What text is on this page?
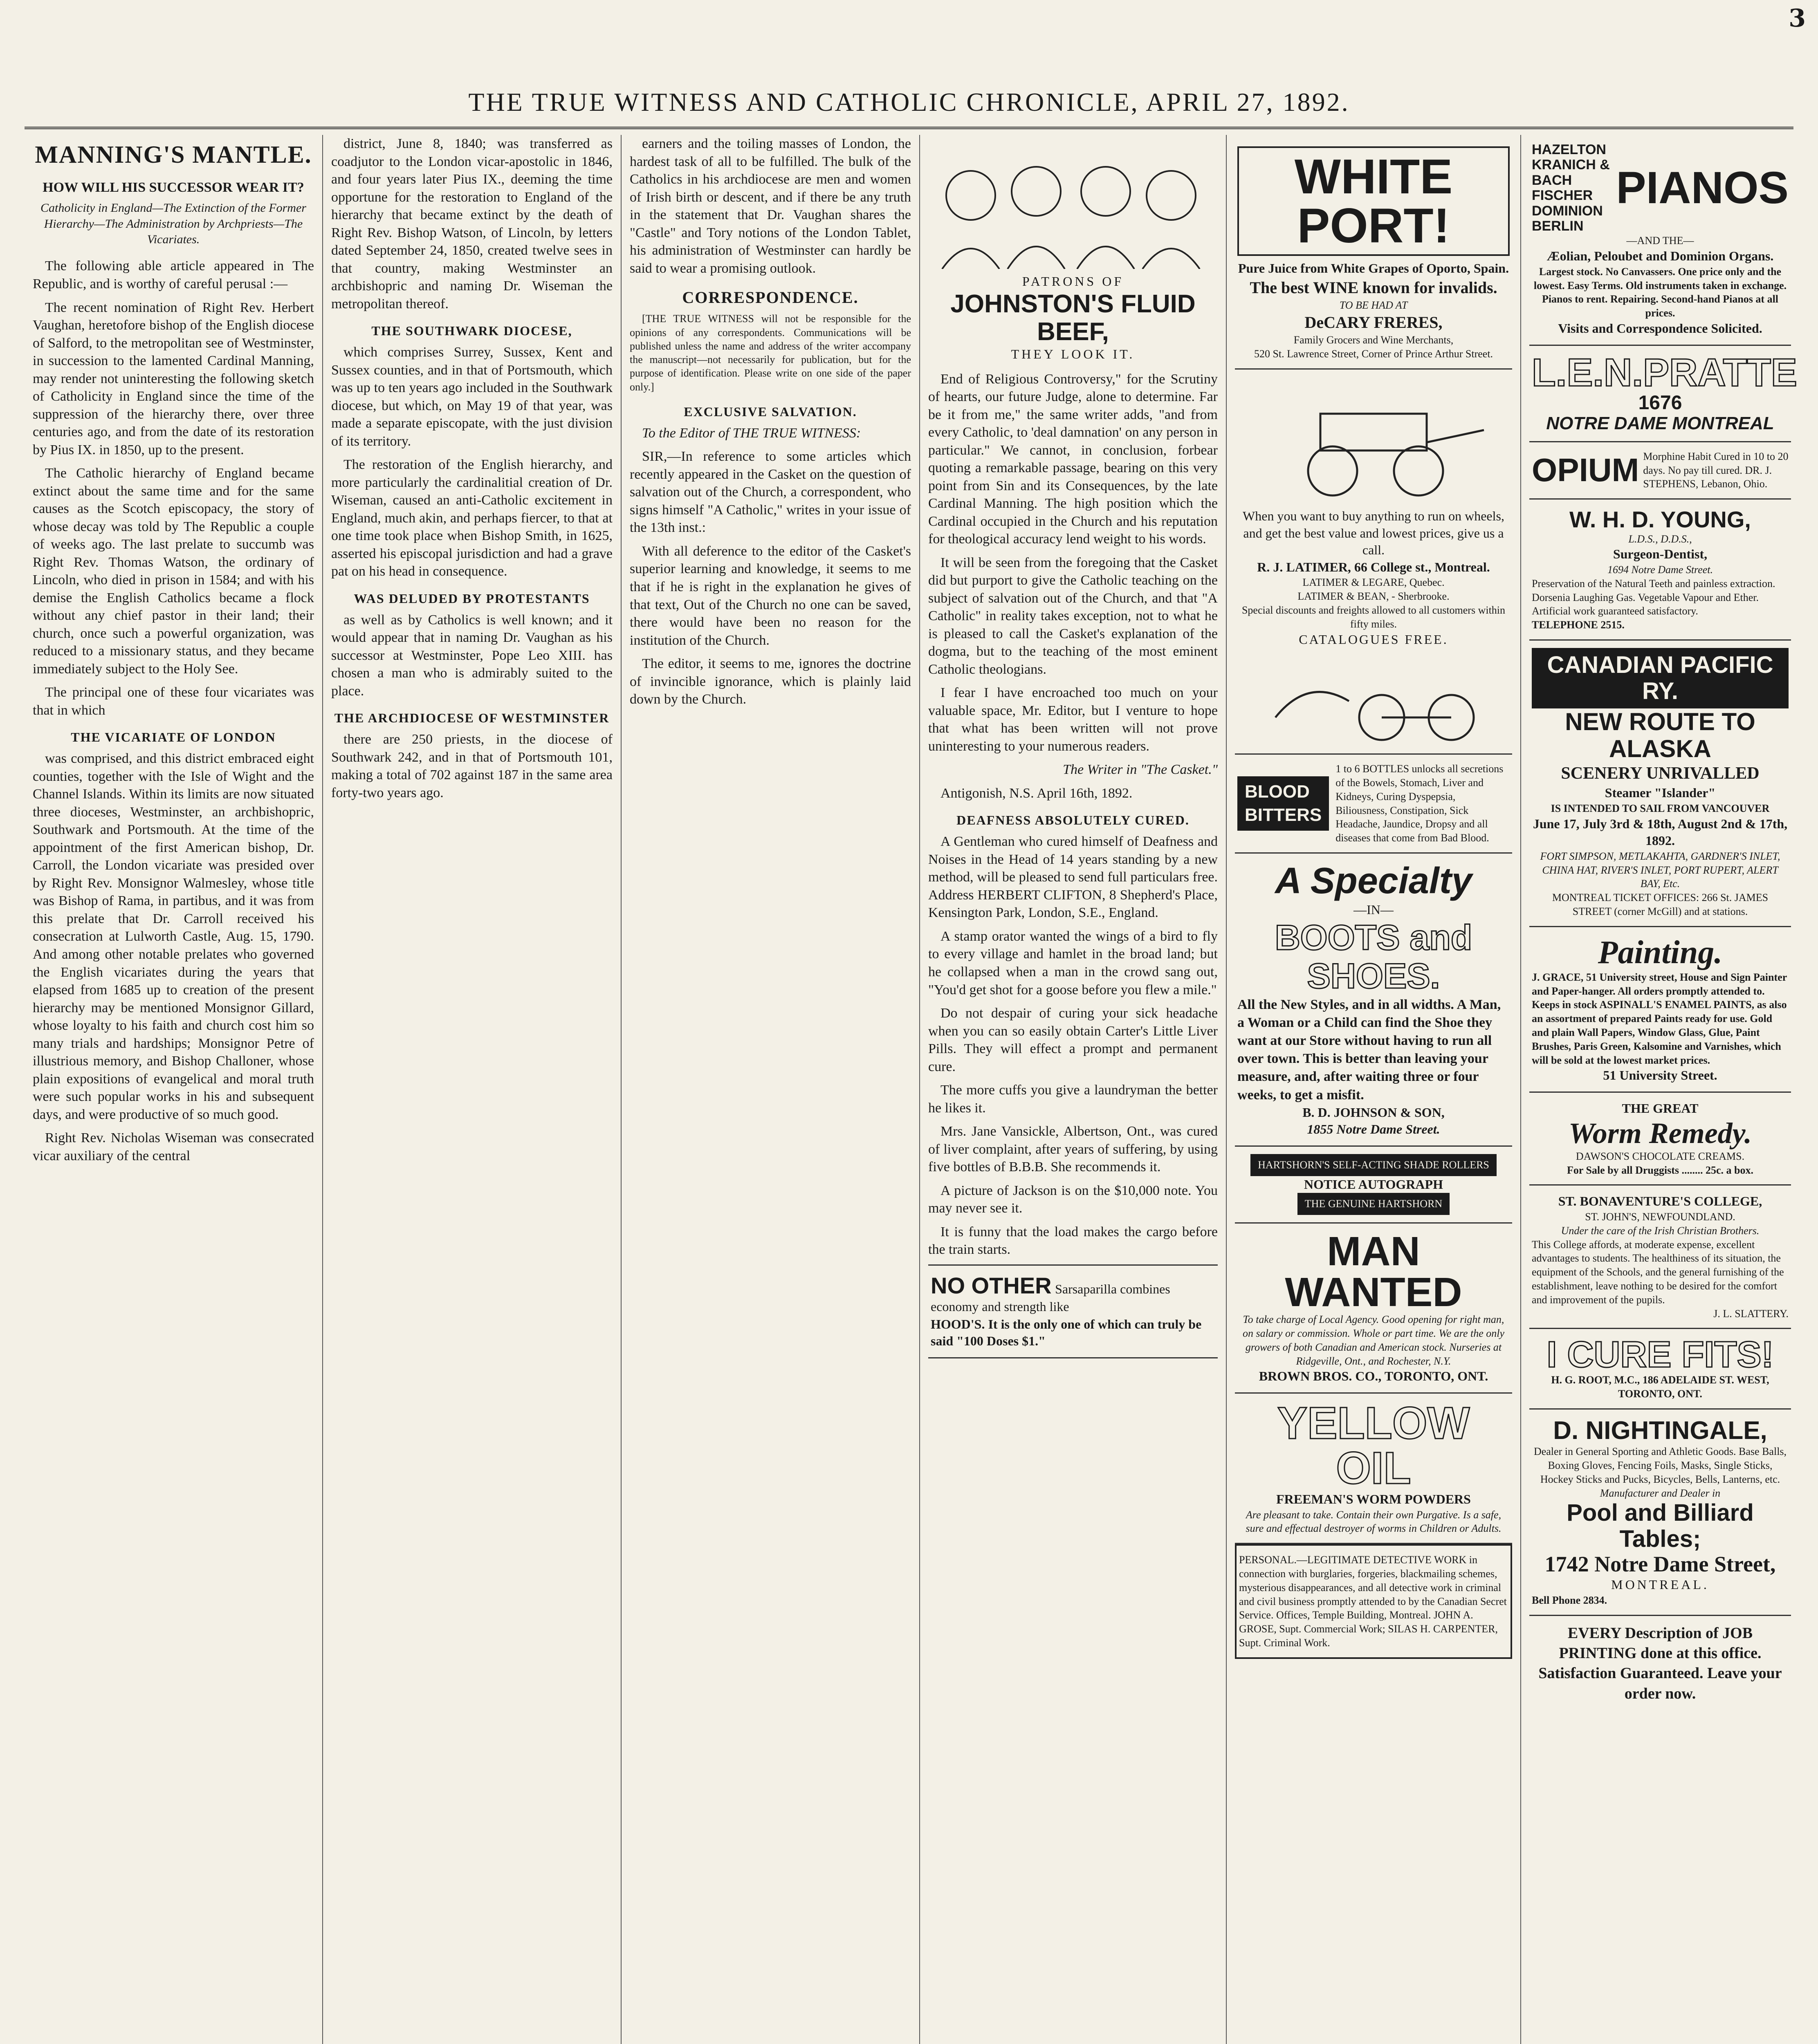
3
THE TRUE WITNESS AND CATHOLIC CHRONICLE, APRIL 27, 1892.
MANNING'S MANTLE.
HOW WILL HIS SUCCESSOR WEAR IT?
Catholicity in England—The Extinction of the Former Hierarchy—The Administration by Archpriests—The Vicariates.

The following able article appeared in The Republic, and is worthy of careful perusal :—

The recent nomination of Right Rev. Herbert Vaughan, heretofore bishop of the English diocese of Salford, to the metropolitan see of Westminster, in succession to the lamented Cardinal Manning, may render not uninteresting the following sketch of Catholicity in England since the time of the suppression of the hierarchy there, over three centuries ago, and from the date of its restoration by Pius IX. in 1850, up to the present.

The Catholic hierarchy of England became extinct about the same time and for the same causes as the Scotch episcopacy, the story of whose decay was told by The Republic a couple of weeks ago. The last prelate to succumb was Right Rev. Thomas Watson, the ordinary of Lincoln, who died in prison in 1584; and with his demise the English Catholics became a flock without any chief pastor in their land; their church, once such a powerful organization, was reduced to a missionary status, and they became immediately subject to the Holy See.

The principal one of these four vicariates was that in which

THE VICARIATE OF LONDON

was comprised, and this district embraced eight counties, together with the Isle of Wight and the Channel Islands. Within its limits are now situated three dioceses, Westminster, an archbishopric, Southwark and Portsmouth. At the time of the appointment of the first American bishop, Dr. Carroll, the London vicariate was presided over by Right Rev. Monsignor Walmesley, whose title was Bishop of Rama, in partibus, and it was from this prelate that Dr. Carroll received his consecration at Lulworth Castle, Aug. 15, 1790. And among other notable prelates who governed the English vicariates during the years that elapsed from 1685 up to creation of the present hierarchy may be mentioned Monsignor Gillard, whose loyalty to his faith and church cost him so many trials and hardships; Monsignor Petre of illustrious memory, and Bishop Challoner, whose plain expositions of evangelical and moral truth were such popular works in his and subsequent days, and were productive of so much good.

Right Rev. Nicholas Wiseman was consecrated vicar auxiliary of the central

district, June 8, 1840; was transferred as coadjutor to the London vicar-apostolic in 1846, and four years later Pius IX., deeming the time opportune for the restoration to England of the hierarchy that became extinct by the death of Right Rev. Bishop Watson, of Lincoln, by letters dated September 24, 1850, created twelve sees in that country, making Westminster an archbishopric and naming Dr. Wiseman the metropolitan thereof.

THE SOUTHWARK DIOCESE,

which comprises Surrey, Sussex, Kent and Sussex counties, and in that of Portsmouth, which was up to ten years ago included in the Southwark diocese, but which, on May 19 of that year, was made a separate episcopate, with the just division of its territory.

The restoration of the English hierarchy, and more particularly the cardinalitial creation of Dr. Wiseman, caused an anti-Catholic excitement in England, much akin, and perhaps fiercer, to that at one time took place when Bishop Smith, in 1625, asserted his episcopal jurisdiction and had a grave pat on his head in consequence.

WAS DELUDED BY PROTESTANTS

as well as by Catholics is well known; and it would appear that in naming Dr. Vaughan as his successor at Westminster, Pope Leo XIII. has chosen a man who is admirably suited to the place.

THE ARCHDIOCESE OF WESTMINSTER

there are 250 priests, in the diocese of Southwark 242, and in that of Portsmouth 101, making a total of 702 against 187 in the same area forty-two years ago.

earners and the toiling masses of London, the hardest task of all to be fulfilled. The bulk of the Catholics in his archdiocese are men and women of Irish birth or descent, and if there be any truth in the statement that Dr. Vaughan shares the "Castle" and Tory notions of the London Tablet, his administration of Westminster can hardly be said to wear a promising outlook.

CORRESPONDENCE.

[THE TRUE WITNESS will not be responsible for the opinions of any correspondents. Communications will be published unless the name and address of the writer accompany the manuscript—not necessarily for publication, but for the purpose of identification. Please write on one side of the paper only.]

EXCLUSIVE SALVATION.

To the Editor of THE TRUE WITNESS:

SIR,—In reference to some articles which recently appeared in the Casket on the question of salvation out of the Church, a correspondent, who signs himself "A Catholic," writes in your issue of the 13th inst.:

With all deference to the editor of the Casket's superior learning and knowledge, it seems to me that if he is right in the explanation he gives of that text, Out of the Church no one can be saved, there would have been no reason for the institution of the Church.

The editor, it seems to me, ignores the doctrine of invincible ignorance, which is plainly laid down by the Church.

PATRONS OF
JOHNSTON'S FLUID BEEF,
THEY LOOK IT.

End of Religious Controversy," for the Scrutiny of hearts, our future Judge, alone to determine. Far be it from me," the same writer adds, "and from every Catholic, to 'deal damnation' on any person in particular." We cannot, in conclusion, forbear quoting a remarkable passage, bearing on this very point from Sin and its Consequences, by the late Cardinal Manning. The high position which the Cardinal occupied in the Church and his reputation for theological accuracy lend weight to his words.

It will be seen from the foregoing that the Casket did but purport to give the Catholic teaching on the subject of salvation out of the Church, and that "A Catholic" in reality takes exception, not to what he is pleased to call the Casket's explanation of the dogma, but to the teaching of the most eminent Catholic theologians.

I fear I have encroached too much on your valuable space, Mr. Editor, but I venture to hope that what has been written will not prove uninteresting to your numerous readers.

The Writer in "The Casket."

Antigonish, N.S. April 16th, 1892.

DEAFNESS ABSOLUTELY CURED.

A Gentleman who cured himself of Deafness and Noises in the Head of 14 years standing by a new method, will be pleased to send full particulars free. Address HERBERT CLIFTON, 8 Shepherd's Place, Kensington Park, London, S.E., England.

A stamp orator wanted the wings of a bird to fly to every village and hamlet in the broad land; but he collapsed when a man in the crowd sang out, "You'd get shot for a goose before you flew a mile."

Do not despair of curing your sick headache when you can so easily obtain Carter's Little Liver Pills. They will effect a prompt and permanent cure.

The more cuffs you give a laundryman the better he likes it.

Mrs. Jane Vansickle, Albertson, Ont., was cured of liver complaint, after years of suffering, by using five bottles of B.B.B. She recommends it.

A picture of Jackson is on the $10,000 note. You may never see it.

It is funny that the load makes the cargo before the train starts.

NO OTHER Sarsaparilla combines economy and strength like
HOOD'S. It is the only one of which can truly be said "100 Doses $1."
WHITE PORT!
Pure Juice from White Grapes of Oporto, Spain.
The best WINE known for invalids.
TO BE HAD AT
DeCARY FRERES,
Family Grocers and Wine Merchants,
520 St. Lawrence Street, Corner of Prince Arthur Street.
When you want to buy anything to run on wheels, and get the best value and lowest prices, give us a call.
R. J. LATIMER, 66 College st., Montreal.
LATIMER & LEGARE, Quebec.
LATIMER & BEAN, - Sherbrooke.
Special discounts and freights allowed to all customers within fifty miles.
CATALOGUES FREE.
BLOOD BITTERS
1 to 6 BOTTLES unlocks all secretions of the Bowels, Stomach, Liver and Kidneys, Curing Dyspepsia, Biliousness, Constipation, Sick Headache, Jaundice, Dropsy and all diseases that come from Bad Blood.
A Specialty
—IN—
BOOTS and SHOES.
All the New Styles, and in all widths. A Man, a Woman or a Child can find the Shoe they want at our Store without having to run all over town. This is better than leaving your measure, and, after waiting three or four weeks, to get a misfit.
B. D. JOHNSON & SON,
1855 Notre Dame Street.
HARTSHORN'S SELF-ACTING SHADE ROLLERS
NOTICE AUTOGRAPH
THE GENUINE HARTSHORN
MAN WANTED
To take charge of Local Agency. Good opening for right man, on salary or commission. Whole or part time. We are the only growers of both Canadian and American stock. Nurseries at Ridgeville, Ont., and Rochester, N.Y.
BROWN BROS. CO., TORONTO, ONT.
YELLOW OIL
FREEMAN'S WORM POWDERS
Are pleasant to take. Contain their own Purgative. Is a safe, sure and effectual destroyer of worms in Children or Adults.
PERSONAL.—LEGITIMATE DETECTIVE WORK in connection with burglaries, forgeries, blackmailing schemes, mysterious disappearances, and all detective work in criminal and civil business promptly attended to by the Canadian Secret Service. Offices, Temple Building, Montreal. JOHN A. GROSE, Supt. Commercial Work; SILAS H. CARPENTER, Supt. Criminal Work.
HAZELTON
KRANICH & BACH
FISCHER
DOMINION
BERLIN
PIANOS
—AND THE—
Æolian, Peloubet and Dominion Organs.
Largest stock. No Canvassers. One price only and the lowest. Easy Terms. Old instruments taken in exchange. Pianos to rent. Repairing. Second-hand Pianos at all prices.
Visits and Correspondence Solicited.
L.E.N.PRATTE
1676
NOTRE DAME MONTREAL
OPIUM Morphine Habit Cured in 10 to 20 days. No pay till cured. DR. J. STEPHENS, Lebanon, Ohio.
W. H. D. YOUNG,
L.D.S., D.D.S.,
Surgeon-Dentist,
1694 Notre Dame Street.
Preservation of the Natural Teeth and painless extraction. Dorsenia Laughing Gas. Vegetable Vapour and Ether. Artificial work guaranteed satisfactory.
TELEPHONE 2515.
CANADIAN PACIFIC RY.
NEW ROUTE TO ALASKA
SCENERY UNRIVALLED
Steamer "Islander"
IS INTENDED TO SAIL FROM VANCOUVER
June 17, July 3rd & 18th, August 2nd & 17th, 1892.
FORT SIMPSON, METLAKAHTA, GARDNER'S INLET, CHINA HAT, RIVER'S INLET, PORT RUPERT, ALERT BAY, Etc.
MONTREAL TICKET OFFICES: 266 St. JAMES STREET (corner McGill) and at stations.
Painting.
J. GRACE, 51 University street, House and Sign Painter and Paper-hanger. All orders promptly attended to. Keeps in stock ASPINALL'S ENAMEL PAINTS, as also an assortment of prepared Paints ready for use. Gold and plain Wall Papers, Window Glass, Glue, Paint Brushes, Paris Green, Kalsomine and Varnishes, which will be sold at the lowest market prices.
51 University Street.
THE GREAT
Worm Remedy.
DAWSON'S CHOCOLATE CREAMS.
For Sale by all Druggists ........ 25c. a box.
ST. BONAVENTURE'S COLLEGE,
ST. JOHN'S, NEWFOUNDLAND.
Under the care of the Irish Christian Brothers.
This College affords, at moderate expense, excellent advantages to students. The healthiness of its situation, the equipment of the Schools, and the general furnishing of the establishment, leave nothing to be desired for the comfort and improvement of the pupils.
J. L. SLATTERY.
I CURE FITS!
H. G. ROOT, M.C., 186 ADELAIDE ST. WEST, TORONTO, ONT.
D. NIGHTINGALE,
Dealer in General Sporting and Athletic Goods. Base Balls, Boxing Gloves, Fencing Foils, Masks, Single Sticks, Hockey Sticks and Pucks, Bicycles, Bells, Lanterns, etc.
Manufacturer and Dealer in
Pool and Billiard Tables;
1742 Notre Dame Street,
MONTREAL.
Bell Phone 2834.
EVERY Description of JOB PRINTING done at this office. Satisfaction Guaranteed. Leave your order now.
